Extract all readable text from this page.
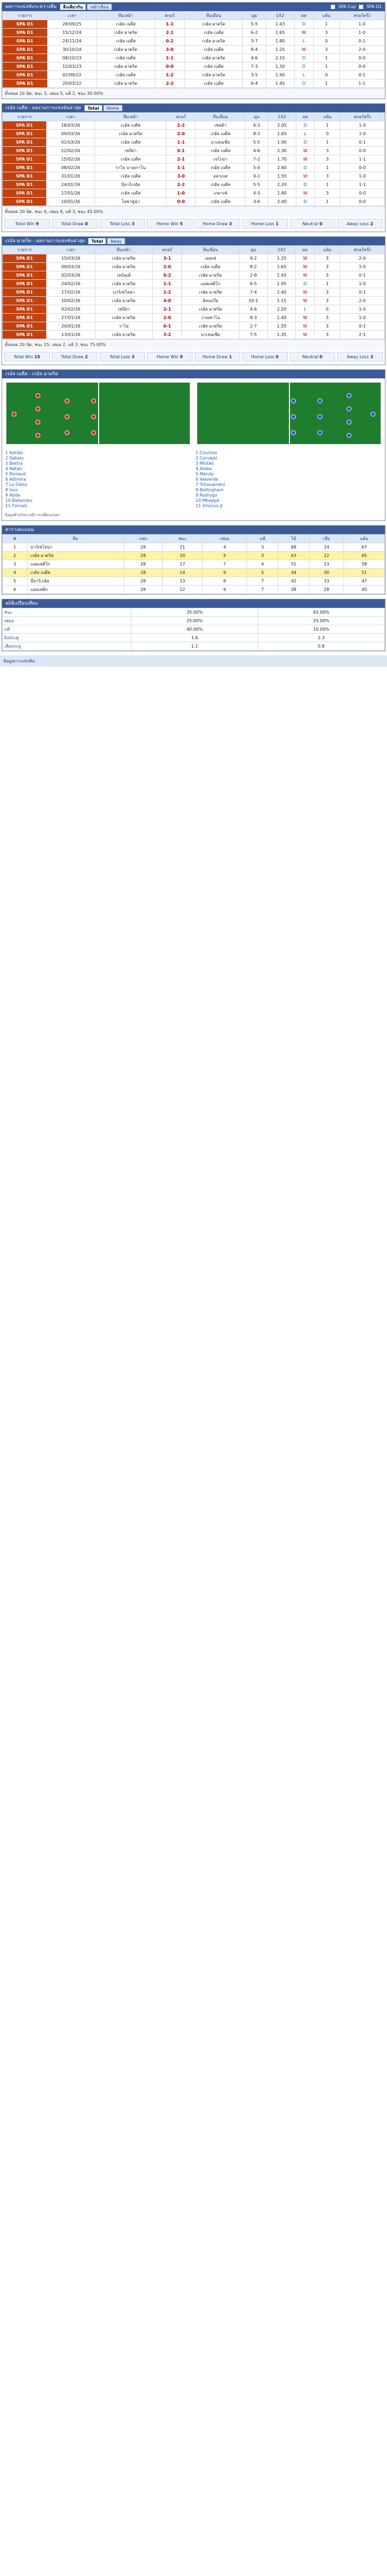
ผลการแข่งขันระหว่างทีม	ลีกเดียวกัน	เหย้าเยือน	SPA Cup	SPA D1
รายการ	เวลา	ทีมเหย้า	สกอร์	ทีมเยือน	มุม	1X2	ผล	แต้ม	สกอร์ครึ่ง
SPA D1	28/09/25	เรอัล เบตีส	1-1	เรอัล มาดริด	5-5	1.43	D	1	1-0
SPA D1	15/12/24	เรอัล มาดริด	2-1	เรอัล เบตีส	6-2	1.65	W	3	1-0
SPA D1	24/11/24	เรอัล เบตีส	0-2	เรอัล มาดริด	3-7	1.80	L	0	0-1
SPA D1	30/10/24	เรอัล มาดริด	3-0	เรอัล เบตีส	8-4	1.25	W	3	2-0
SPA D1	08/10/23	เรอัล เบตีส	1-1	เรอัล มาดริด	4-6	2.10	D	1	0-0
SPA D1	12/03/23	เรอัล มาดริด	0-0	เรอัล เบตีส	7-3	1.30	D	1	0-0
SPA D1	02/09/22	เรอัล เบตีส	1-2	เรอัล มาดริด	3-5	1.90	L	0	0-1
SPA D1	20/03/22	เรอัล มาดริด	2-2	เรอัล เบตีส	6-4	1.45	D	1	1-1
ทั้งหมด 10 นัด, ชนะ 3, เสมอ 5, แพ้ 2, ชนะ 30.00%
เรอัล เบตีส - ผลงานการแข่งขันล่าสุด	Total	Home
รายการ	เวลา	ทีมเหย้า	สกอร์	ทีมเยือน	มุม	1X2	ผล	แต้ม	สกอร์ครึ่ง
SPA D1	16/03/26	เรอัล เบตีส	2-2	เซลต้า	6-3	2.05	D	1	1-0
SPA D1	09/03/26	เรอัล มาดริด	2-0	เรอัล เบตีส	8-2	1.65	L	0	1-0
SPA D1	01/03/26	เรอัล เบตีส	1-1	บาเลนเซีย	5-5	1.90	D	1	0-1
SPA D1	22/02/26	เซบีย่า	0-1	เรอัล เบตีส	4-6	2.30	W	3	0-0
SPA D1	15/02/26	เรอัล เบตีส	2-1	เจโรน่า	7-2	1.70	W	3	1-1
SPA D1	08/02/26	ราโย บาเยกาโน	1-1	เรอัล เบตีส	5-4	2.60	D	1	0-0
SPA D1	31/01/26	เรอัล เบตีส	3-0	อลาเบส	9-1	1.55	W	3	1-0
SPA D1	24/01/26	บียาร์เรอัล	2-2	เรอัล เบตีส	5-5	2.20	D	1	1-1
SPA D1	17/01/26	เรอัล เบตีส	1-0	เกตาเฟ่	4-3	1.80	W	3	0-0
SPA D1	10/01/26	โอซาซูน่า	0-0	เรอัล เบตีส	3-6	2.40	D	1	0-0
ทั้งหมด 20 นัด, ชนะ 9, เสมอ 8, แพ้ 3, ชนะ 45.00%
Total Win
9	Total Draw
8	Total Loss
3	Home Win
5	Home Draw
3	Home Loss
1	Neutral
0	Away Loss
2
เรอัล มาดริด - ผลงานการแข่งขันล่าสุด	Total	Away
รายการ	เวลา	ทีมเหย้า	สกอร์	ทีมเยือน	มุม	1X2	ผล	แต้ม	สกอร์ครึ่ง
SPA D1	15/03/26	เรอัล มาดริด	3-1	เอลเช่	9-2	1.25	W	3	2-0
SPA D1	09/03/26	เรอัล มาดริด	2-0	เรอัล เบตีส	8-2	1.65	W	3	1-0
SPA D1	02/03/26	เลบันเต้	0-2	เรอัล มาดริด	2-8	1.45	W	3	0-1
SPA D1	24/02/26	เรอัล มาดริด	1-1	แอตเลติโก	6-5	1.95	D	1	1-0
SPA D1	17/02/26	บาร์เซโลน่า	1-2	เรอัล มาดริด	7-4	2.40	W	3	0-1
SPA D1	10/02/26	เรอัล มาดริด	4-0	อัลเมเรีย	10-1	1.15	W	3	2-0
SPA D1	03/02/26	เซบีย่า	2-1	เรอัล มาดริด	4-6	2.20	L	0	1-0
SPA D1	27/01/26	เรอัล มาดริด	2-0	วาเยคาโน	8-3	1.40	W	3	1-0
SPA D1	20/01/26	ราโย่	0-1	เรอัล มาดริด	2-7	1.55	W	3	0-1
SPA D1	13/01/26	เรอัล มาดริด	3-2	บาเลนเซีย	7-5	1.35	W	3	2-1
ทั้งหมด 20 นัด, ชนะ 15, เสมอ 2, แพ้ 3, ชนะ 75.00%
Total Win
15	Total Draw
2	Total Loss
3	Home Win
9	Home Draw
1	Home Loss
0	Neutral
0	Away Loss
3
เรอัล เบตีส - เรอัล มาดริด
1 Adrián
2 Sabaly
3 Bartra
4 Natan
5 Perraud
6 Altimira
7 Lo Celso
8 Isco
9 Abde
10 Bakambu
11 Fornals
1 Courtois
2 Carvajal
3 Militão
4 Alaba
5 Mendy
6 Valverde
7 Tchouaméni
8 Bellingham
9 Rodrygo
10 Mbappé
11 Vinícius Jr
ข้อมูลตัวจริงอาจมีการเปลี่ยนแปลง
ตารางคะแนน
#	ทีม	แข่ง	ชนะ	เสมอ	แพ้	ได้	เสีย	แต้ม
1	บาร์เซโลน่า	28	21	4	3	68	24	67
2	เรอัล มาดริด	28	20	5	3	63	22	65
3	แอตเลติโก	28	17	7	4	51	23	58
4	เรอัล เบตีส	28	14	9	5	44	30	51
5	บียาร์เรอัล	28	13	8	7	42	33	47
6	แอธเลติก	28	12	9	7	38	28	45
สถิติเปรียบเทียบ
ชนะ	35.00%	65.00%
เสมอ	25.00%	25.00%
แพ้	40.00%	10.00%
ยิงประตู	1.6	2.3
เสียประตู	1.1	0.8
ข้อมูลการแข่งขัน
